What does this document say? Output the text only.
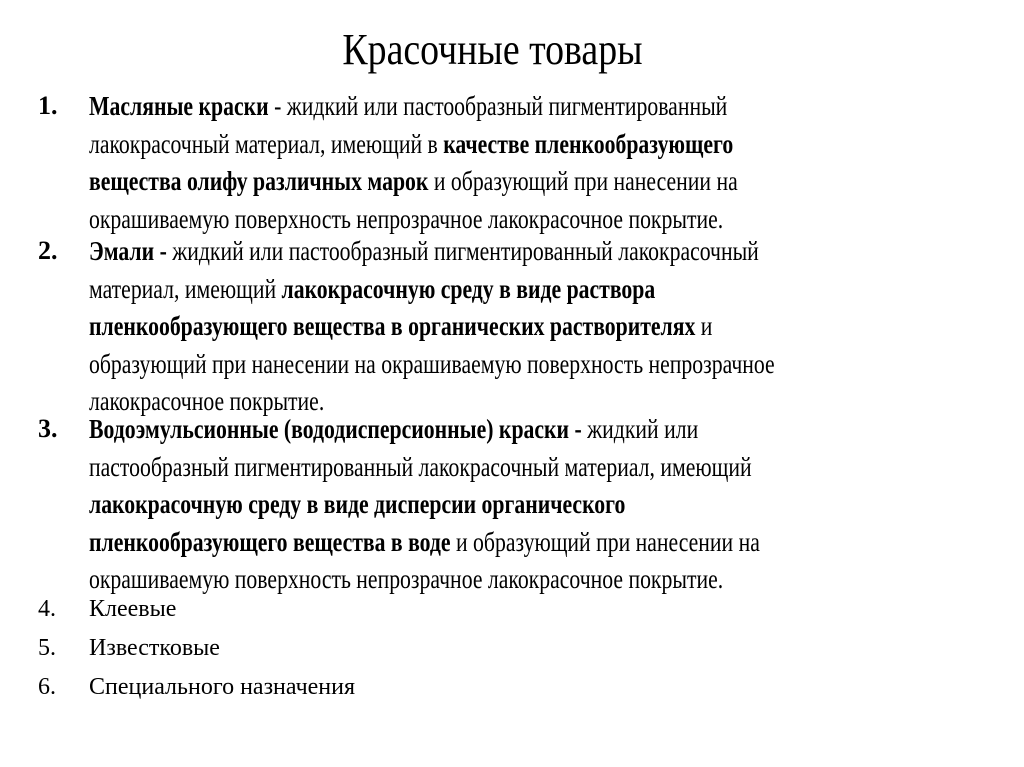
Красочные товары
1. Масляные краски - жидкий или пастообразный пигментированный
лакокрасочный материал, имеющий в качестве пленкообразующего
вещества олифу различных марок и образующий при нанесении на
окрашиваемую поверхность непрозрачное лакокрасочное покрытие.
2. Эмали - жидкий или пастообразный пигментированный лакокрасочный
материал, имеющий лакокрасочную среду в виде раствора
пленкообразующего вещества в органических растворителях и
образующий при нанесении на окрашиваемую поверхность непрозрачное
лакокрасочное покрытие.
3. Водоэмульсионные (вододисперсионные) краски - жидкий или
пастообразный пигментированный лакокрасочный материал, имеющий
лакокрасочную среду в виде дисперсии органического
пленкообразующего вещества в воде и образующий при нанесении на
окрашиваемую поверхность непрозрачное лакокрасочное покрытие.
4. Клеевые
5. Известковые
6. Специального назначения
